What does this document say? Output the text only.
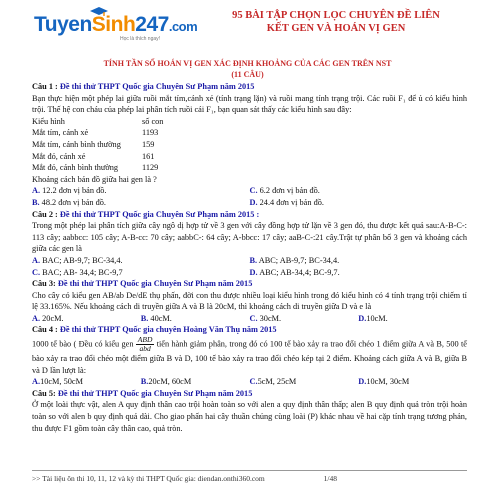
TuyenSinh247.com
Học là thích ngay!
95 BÀI TẬP CHỌN LỌC CHUYÊN ĐỀ LIÊN
KẾT GEN VÀ HOÁN VỊ GEN
TÍNH TẦN SỐ HOÁN VỊ GEN XÁC ĐỊNH KHOẢNG CỦA CÁC GEN TRÊN NST
(11 CÂU)
Câu 1 : Đề thi thử THPT Quốc gia Chuyên Sư Phạm năm 2015
Bạn thực hiện một phép lai giữa ruồi mắt tím,cánh xẻ (tính trạng lặn) và ruồi mang tính trạng trội. Các ruồi F₁ để ủ có kiểu hình trội. Thế hệ con cháu của phép lai phân tích ruồi cái F₁, bạn quan sát thấy các kiểu hình sau đây:
Kiểu hình	số con
Mắt tím, cánh xẻ	1193
Mắt tím, cánh bình thường	159
Mắt đỏ, cánh xẻ	161
Mắt đỏ, cánh bình thường	1129
Khoảng cách bản đồ giữa hai gen là ?
A. 12.2 đơn vị bản đồ.	C. 6.2 đơn vị bản đồ.
B. 48.2 đơn vị bản đồ.	D. 24.4 đơn vị bản đồ.
Câu 2 : Đề thi thử THPT Quốc gia Chuyên Sư Phạm năm 2015 :
Trong một phép lai phân tích giữa cây ngô dị hợp tử về 3 gen với cây đồng hợp tử lặn về 3 gen đó, thu được kết quả sau:A-B-C-: 113 cây; aabbcc: 105 cây; A-B-cc: 70 cây; aabbC-: 64 cây; A-bbcc: 17 cây; aaB-C-:21 cây.Trật tự phân bố 3 gen và khoảng cách giữa các gen là
A. BAC; AB-9,7; BC-34,4.	B. ABC; AB-9,7; BC-34,4.
C. BAC; AB- 34,4; BC-9,7	D. ABC; AB-34,4; BC-9,7.
Câu 3: Đề thi thử THPT Quốc gia Chuyên Sư Phạm năm 2015
Cho cây có kiểu gen AB/ab De/dE thụ phấn, đời con thu được nhiều loại kiểu hình trong đó kiểu hình có 4 tính trạng trội chiếm tỉ lệ 33.165%. Nếu khoảng cách di truyền giữa A và B là 20cM, thì khoảng cách di truyền giữa D và e là
A. 20cM.	B. 40cM.	C. 30cM.	D.10cM.
Câu 4 : Đề thi thử THPT Quốc gia chuyên Hoàng Văn Thụ năm 2015
1000 tế bào ( Đều có kiểu gen $\frac{\text{ABD}}{\text{abd}}$ tiến hành giảm phân, trong đó có 100 tế bào xảy ra trao đổi chéo 1 điểm giữa A và B, 500 tế bào xảy ra trao đổi chéo một điểm giữa B và D, 100 tế bào xảy ra trao đổi chéo kép tại 2 điểm. Khoảng cách giữa A và B, giữa B và D lần lượt là:
A.10cM, 50cM	B.20cM, 60cM	C.5cM, 25cM	D.10cM, 30cM
Câu 5: Đề thi thử THPT Quốc gia Chuyên Sư Phạm năm 2015
Ở một loài thực vật, alen A quy định thân cao trội hoàn toàn so với alen a quy định thân thấp; alen B quy định quả tròn trội hoàn toàn so với alen b quy định quả dài. Cho giao phấn hai cây thuần chủng cùng loài (P) khác nhau về hai cặp tính trạng tương phản, thu được F1 gồm toàn cây thân cao, quả tròn.
>> Tài liệu ôn thi 10, 11, 12 và kỳ thi THPT Quốc gia: diendan.onthi360.com	1/48
